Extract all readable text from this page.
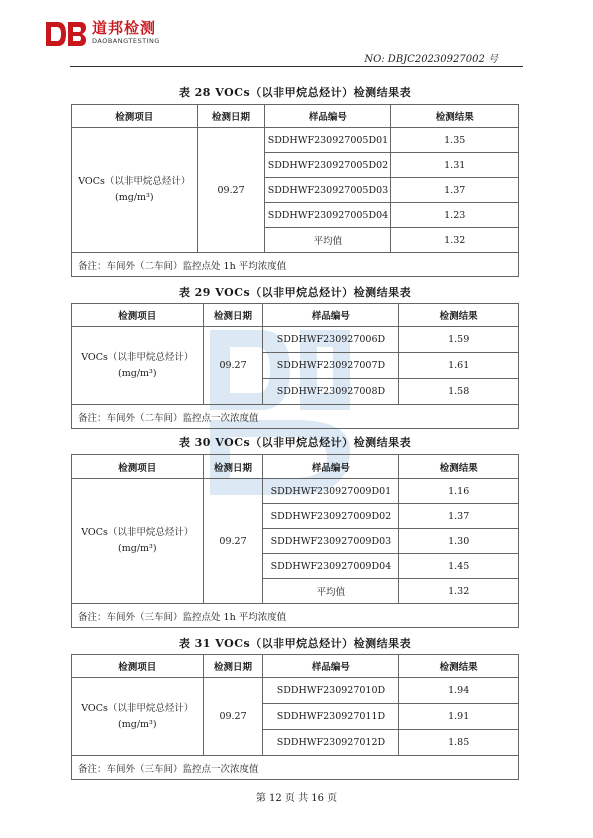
道邦检测
DAOBANGTESTING
NO: DBJC20230927002 号
表 28 VOCs（以非甲烷总烃计）检测结果表
检测项目	检测日期	样品编号	检测结果

VOCs（以非甲烷总烃计）
(mg/m³)	09.27	SDDHWF230927005D01	1.35
		SDDHWF230927005D02	1.31
		SDDHWF230927005D03	1.37
		SDDHWF230927005D04	1.23
		平均值	1.32
备注：车间外（二车间）监控点处 1h 平均浓度值			
表 29 VOCs（以非甲烷总烃计）检测结果表
检测项目	检测日期	样品编号	检测结果

VOCs（以非甲烷总烃计）
(mg/m³)	09.27	SDDHWF230927006D	1.59
		SDDHWF230927007D	1.61
		SDDHWF230927008D	1.58
备注：车间外（二车间）监控点一次浓度值			
表 30 VOCs（以非甲烷总烃计）检测结果表
检测项目	检测日期	样品编号	检测结果

VOCs（以非甲烷总烃计）
(mg/m³)	09.27	SDDHWF230927009D01	1.16
		SDDHWF230927009D02	1.37
		SDDHWF230927009D03	1.30
		SDDHWF230927009D04	1.45
		平均值	1.32
备注：车间外（三车间）监控点处 1h 平均浓度值			
表 31 VOCs（以非甲烷总烃计）检测结果表
检测项目	检测日期	样品编号	检测结果

VOCs（以非甲烷总烃计）
(mg/m³)	09.27	SDDHWF230927010D	1.94
		SDDHWF230927011D	1.91
		SDDHWF230927012D	1.85
备注：车间外（三车间）监控点一次浓度值			
第 12 页 共 16 页
